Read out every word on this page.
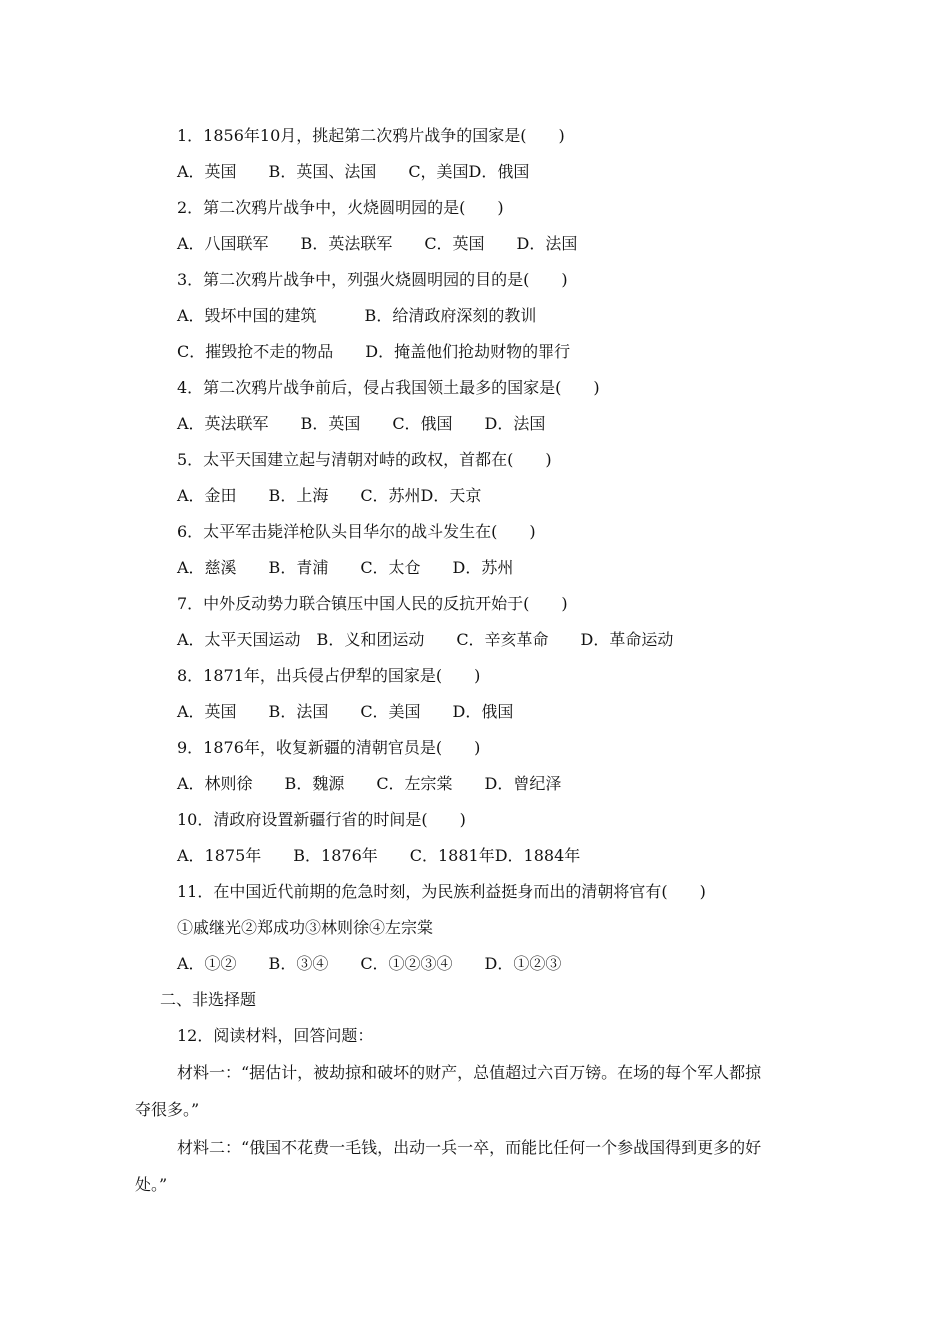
1．1856年10月，挑起第二次鸦片战争的国家是(　　)
A．英国　　B．英国、法国　　C，美国D．俄国
2．第二次鸦片战争中，火烧圆明园的是(　　)
A．八国联军　　B．英法联军　　C．英国　　D．法国
3．第二次鸦片战争中，列强火烧圆明园的目的是(　　)
A．毁坏中国的建筑　　　B．给清政府深刻的教训
C．摧毁抢不走的物品　　D．掩盖他们抢劫财物的罪行
4．第二次鸦片战争前后，侵占我国领土最多的国家是(　　)
A．英法联军　　B．英国　　C．俄国　　D．法国
5．太平天国建立起与清朝对峙的政权，首都在(　　)
A．金田　　B．上海　　C．苏州D．天京
6．太平军击毙洋枪队头目华尔的战斗发生在(　　)
A．慈溪　　B．青浦　　C．太仓　　D．苏州
7．中外反动势力联合镇压中国人民的反抗开始于(　　)
A．太平天国运动　B．义和团运动　　C．辛亥革命　　D．革命运动
8．1871年，出兵侵占伊犁的国家是(　　)
A．英国　　B．法国　　C．美国　　D．俄国
9．1876年，收复新疆的清朝官员是(　　)
A．林则徐　　B．魏源　　C．左宗棠　　D．曾纪泽
10．清政府设置新疆行省的时间是(　　)
A．1875年　　B．1876年　　C．1881年D．1884年
11．在中国近代前期的危急时刻，为民族利益挺身而出的清朝将官有(　　)
①戚继光②郑成功③林则徐④左宗棠
A．①②　　B．③④　　C．①②③④　　D．①②③
二、非选择题
12．阅读材料，回答问题：
材料一：“据估计，被劫掠和破坏的财产，总值超过六百万镑。在场的每个军人都掠
夺很多。”
材料二：“俄国不花费一毛钱，出动一兵一卒，而能比任何一个参战国得到更多的好
处。”
